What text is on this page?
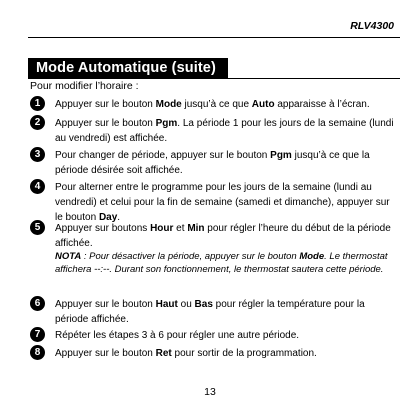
RLV4300
Mode Automatique (suite)
Pour modifier l’horaire :
1	Appuyer sur le bouton Mode jusqu’à ce que Auto apparaisse à l’écran.
2	Appuyer sur le bouton Pgm. La période 1 pour les jours de la semaine (lundi au vendredi) est affichée.
3	Pour changer de période, appuyer sur le bouton Pgm jusqu’à ce que la période désirée soit affichée.
4	Pour alterner entre le programme pour les jours de la semaine (lundi au vendredi) et celui pour la fin de semaine (samedi et dimanche), appuyer sur le bouton Day.
5	Appuyer sur boutons Hour et Min pour régler l’heure du début de la période affichée.
NOTA : Pour désactiver la période, appuyer sur le bouton Mode. Le thermostat affichera --:--. Durant son fonctionnement, le thermostat sautera cette période.
6	Appuyer sur le bouton Haut ou Bas pour régler la température pour la période affichée.
7	Répéter les étapes 3 à 6 pour régler une autre période.
8	Appuyer sur le bouton Ret pour sortir de la programmation.
13
